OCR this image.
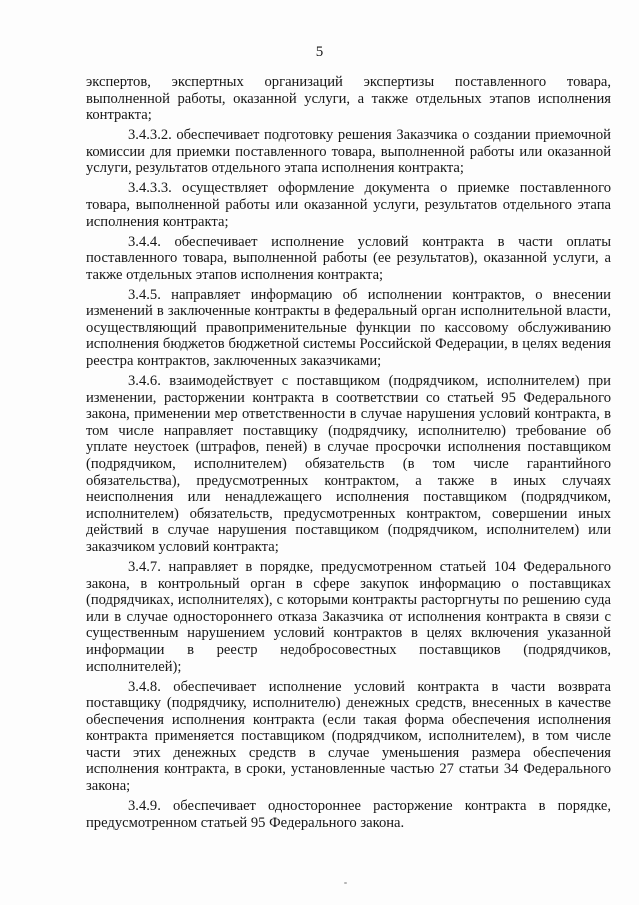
5

экспертов, экспертных организаций экспертизы поставленного товара, выполненной работы, оказанной услуги, а также отдельных этапов исполнения контракта;

3.4.3.2. обеспечивает подготовку решения Заказчика о создании приемочной комиссии для приемки поставленного товара, выполненной работы или оказанной услуги, результатов отдельного этапа исполнения контракта;

3.4.3.3. осуществляет оформление документа о приемке поставленного товара, выполненной работы или оказанной услуги, результатов отдельного этапа исполнения контракта;

3.4.4. обеспечивает исполнение условий контракта в части оплаты поставленного товара, выполненной работы (ее результатов), оказанной услуги, а также отдельных этапов исполнения контракта;

3.4.5. направляет информацию об исполнении контрактов, о внесении изменений в заключенные контракты в федеральный орган исполнительной власти, осуществляющий правоприменительные функции по кассовому обслуживанию исполнения бюджетов бюджетной системы Российской Федерации, в целях ведения реестра контрактов, заключенных заказчиками;

3.4.6. взаимодействует с поставщиком (подрядчиком, исполнителем) при изменении, расторжении контракта в соответствии со статьей 95 Федерального закона, применении мер ответственности в случае нарушения условий контракта, в том числе направляет поставщику (подрядчику, исполнителю) требование об уплате неустоек (штрафов, пеней) в случае просрочки исполнения поставщиком (подрядчиком, исполнителем) обязательств (в том числе гарантийного обязательства), предусмотренных контрактом, а также в иных случаях неисполнения или ненадлежащего исполнения поставщиком (подрядчиком, исполнителем) обязательств, предусмотренных контрактом, совершении иных действий в случае нарушения поставщиком (подрядчиком, исполнителем) или заказчиком условий контракта;

3.4.7. направляет в порядке, предусмотренном статьей 104 Федерального закона, в контрольный орган в сфере закупок информацию о поставщиках (подрядчиках, исполнителях), с которыми контракты расторгнуты по решению суда или в случае одностороннего отказа Заказчика от исполнения контракта в связи с существенным нарушением условий контрактов в целях включения указанной информации в реестр недобросовестных поставщиков (подрядчиков, исполнителей);

3.4.8. обеспечивает исполнение условий контракта в части возврата поставщику (подрядчику, исполнителю) денежных средств, внесенных в качестве обеспечения исполнения контракта (если такая форма обеспечения исполнения контракта применяется поставщиком (подрядчиком, исполнителем), в том числе части этих денежных средств в случае уменьшения размера обеспечения исполнения контракта, в сроки, установленные частью 27 статьи 34 Федерального закона;

3.4.9. обеспечивает одностороннее расторжение контракта в порядке, предусмотренном статьей 95 Федерального закона.
